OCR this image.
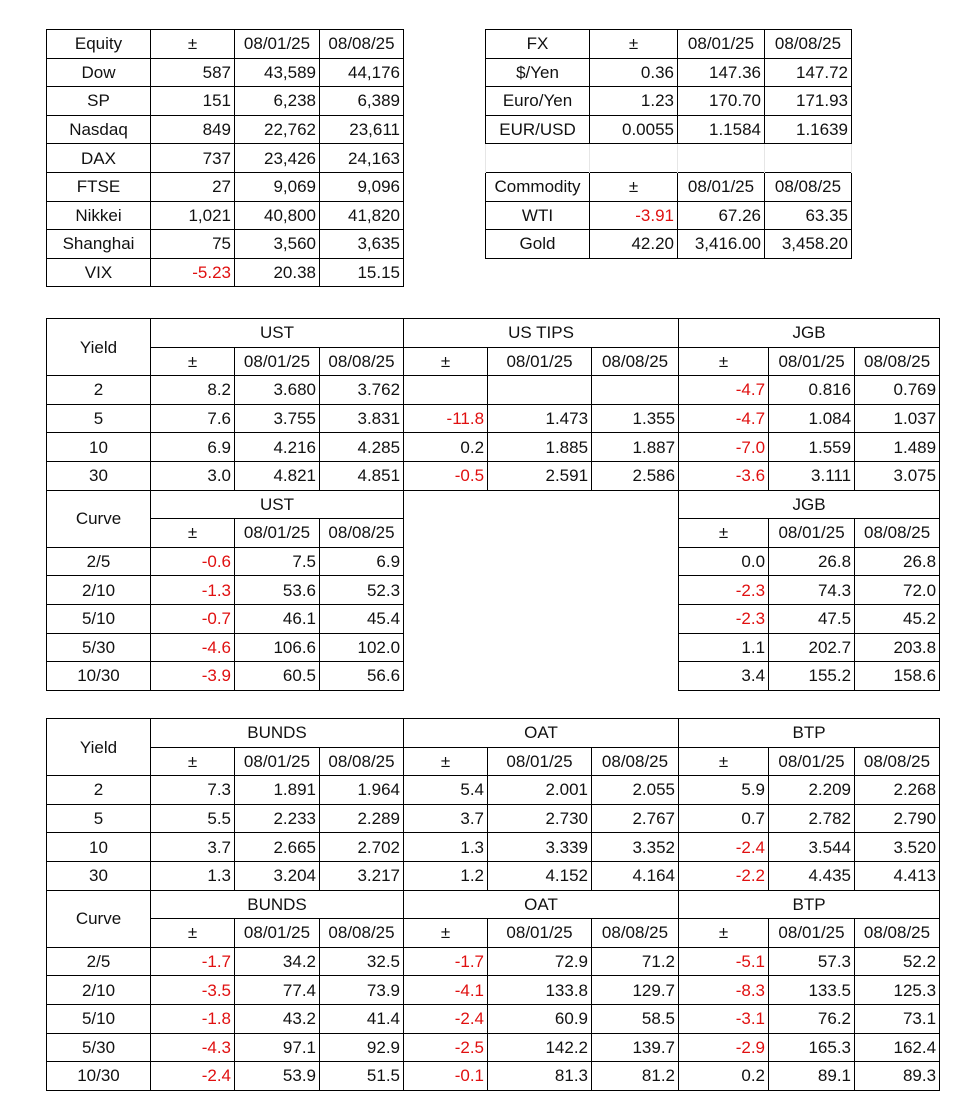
Equity	±	08/01/25	08/08/25
Dow	587	43,589	44,176
SP	151	6,238	6,389
Nasdaq	849	22,762	23,611
DAX	737	23,426	24,163
FTSE	27	9,069	9,096
Nikkei	1,021	40,800	41,820
Shanghai	75	3,560	3,635
VIX	-5.23	20.38	15.15
FX	±	08/01/25	08/08/25
$/Yen	0.36	147.36	147.72
Euro/Yen	1.23	170.70	171.93
EUR/USD	0.0055	1.1584	1.1639

Commodity	±	08/01/25	08/08/25
WTI	-3.91	67.26	63.35
Gold	42.20	3,416.00	3,458.20
Yield	UST			US TIPS			JGB		
	±	08/01/25	08/08/25	±	08/01/25	08/08/25	±	08/01/25	08/08/25
2	8.2	3.680	3.762				-4.7	0.816	0.769
5	7.6	3.755	3.831	-11.8	1.473	1.355	-4.7	1.084	1.037
10	6.9	4.216	4.285	0.2	1.885	1.887	-7.0	1.559	1.489
30	3.0	4.821	4.851	-0.5	2.591	2.586	-3.6	3.111	3.075
Curve	UST						JGB		
	±	08/01/25	08/08/25				±	08/01/25	08/08/25
2/5	-0.6	7.5	6.9				0.0	26.8	26.8
2/10	-1.3	53.6	52.3				-2.3	74.3	72.0
5/10	-0.7	46.1	45.4				-2.3	47.5	45.2
5/30	-4.6	106.6	102.0				1.1	202.7	203.8
10/30	-3.9	60.5	56.6				3.4	155.2	158.6
Yield	BUNDS			OAT			BTP		
	±	08/01/25	08/08/25	±	08/01/25	08/08/25	±	08/01/25	08/08/25
2	7.3	1.891	1.964	5.4	2.001	2.055	5.9	2.209	2.268
5	5.5	2.233	2.289	3.7	2.730	2.767	0.7	2.782	2.790
10	3.7	2.665	2.702	1.3	3.339	3.352	-2.4	3.544	3.520
30	1.3	3.204	3.217	1.2	4.152	4.164	-2.2	4.435	4.413
Curve	BUNDS			OAT			BTP		
	±	08/01/25	08/08/25	±	08/01/25	08/08/25	±	08/01/25	08/08/25
2/5	-1.7	34.2	32.5	-1.7	72.9	71.2	-5.1	57.3	52.2
2/10	-3.5	77.4	73.9	-4.1	133.8	129.7	-8.3	133.5	125.3
5/10	-1.8	43.2	41.4	-2.4	60.9	58.5	-3.1	76.2	73.1
5/30	-4.3	97.1	92.9	-2.5	142.2	139.7	-2.9	165.3	162.4
10/30	-2.4	53.9	51.5	-0.1	81.3	81.2	0.2	89.1	89.3
